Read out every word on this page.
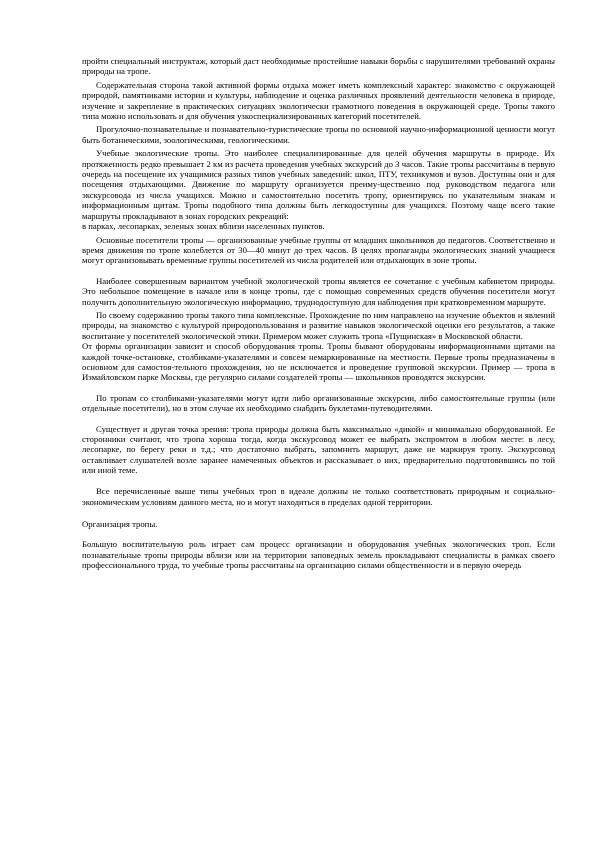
пройти специальный инструктаж, который даст необходимые простейшие навыки борьбы с нарушителями требований охраны природы на тропе.

Содержательная сторона такой активной формы отдыха может иметь комплексный характер: знакомство с окружающей природой, памятниками истории и культуры, наблюдение и оценка различных проявлений деятельности человека в природе, изучение и закрепление в практических ситуациях экологически грамотного поведения в окружающей среде. Тропы такого типа можно использовать и для обучения узкоспециализированных категорий посетителей.

Прогулочно-познавательные и познавательно-туристические тропы по основной научно-информационной ценности могут быть ботаническими, зоологическими, геологическими.

Учебные экологические тропы. Это наиболее специализированные для целей обучения маршруты в природе. Их протяженность редко превышает 2 км из расчета проведения учебных экскурсий до 3 часов. Такие тропы рассчитаны в первую очередь на посещение их учащимися разных типов учебных заведений: школ, ПТУ, техникумов и вузов. Доступны они и для посещения отдыхающими. Движение по маршруту организуется преиму-щественно под руководством педагога или экскурсовода из числа учащихся. Можно и самостоятельно посетить тропу, ориентируясь по указательным знакам и информационным щитам. Тропы подобного типа должны быть легкодоступны для учащихся. Поэтому чаще всего такие маршруты прокладывают в зонах городских рекреаций:

в парках, лесопарках, зеленых зонах вблизи населенных пунктов.

Основные посетители тропы — организованные учебные группы от младших школьников до педагогов. Соответственно и время движения по тропе колеблется от 30—40 минут до трех часов. В целях пропаганды экологических знаний учащиеся могут организовывать временные группы посетителей из числа родителей или отдыхающих в зоне тропы.

Наиболее совершенным вариантом учебной экологической тропы является ее сочетание с учебным кабинетом природы. Это небольшое помещение в начале или в конце тропы, где с помощью современных средств обучения посетители могут получить дополнительную экологическую информацию, труднодоступную для наблюдения при кратковременном маршруте.

По своему содержанию тропы такого типа комплексные. Прохождение по ним направлено на изучение объектов и явлений природы, на знакомство с культурой природопользования и развитие навыков экологической оценки его результатов, а также воспитание у посетителей экологической этики. Примером может служить тропа «Пущинская» в Московской области.

От формы организации зависит и способ оборудования тропы. Тропы бывают оборудованы информационными щитами на каждой точке-остановке, столбиками-указателями и совсем немаркированные на местности. Первые тропы предназначены в основном для самостоя-тельного прохождения, но не исключается и проведение групповой экскурсии. Пример — тропа в Измайловском парке Москвы, где регулярно силами создателей тропы — школьников проводятся экскурсии.

По тропам со столбиками-указателями могут идти либо организованные экскурсии, либо самостоятельные группы (или отдельные посетители), но в этом случае их необходимо снабдить буклетами-путеводителями.

Существует и другая точка зрения: тропа природы должна быть максимально «дикой» и минимально оборудованной. Ее сторонники считают, что тропа хороша тогда, когда экскурсовод может ее выбрать экспромтом в любом месте: в лесу, лесопарке, по берегу реки и т.д.; что достаточно выбрать, запомнить маршрут, даже не маркируя тропу. Экскурсовод оставливает слушателей возле заранее намеченных объектов и рассказывает о них, предварительно подготовившись по той или иной теме.

Все перечисленные выше типы учебных троп в идеале должны не только соответствовать природным и социально-экономическим условиям данного места, но и могут находиться в пределах одной территории.

Организация тропы.

Большую воспитательную роль играет сам процесс организации и оборудования учебных экологических троп. Если познавательные тропы природы вблизи или на территории заповедных земель прокладывают специалисты в рамках своего профессионального труда, то учебные тропы рассчитаны на организацию силами общественности и в первую очередь
